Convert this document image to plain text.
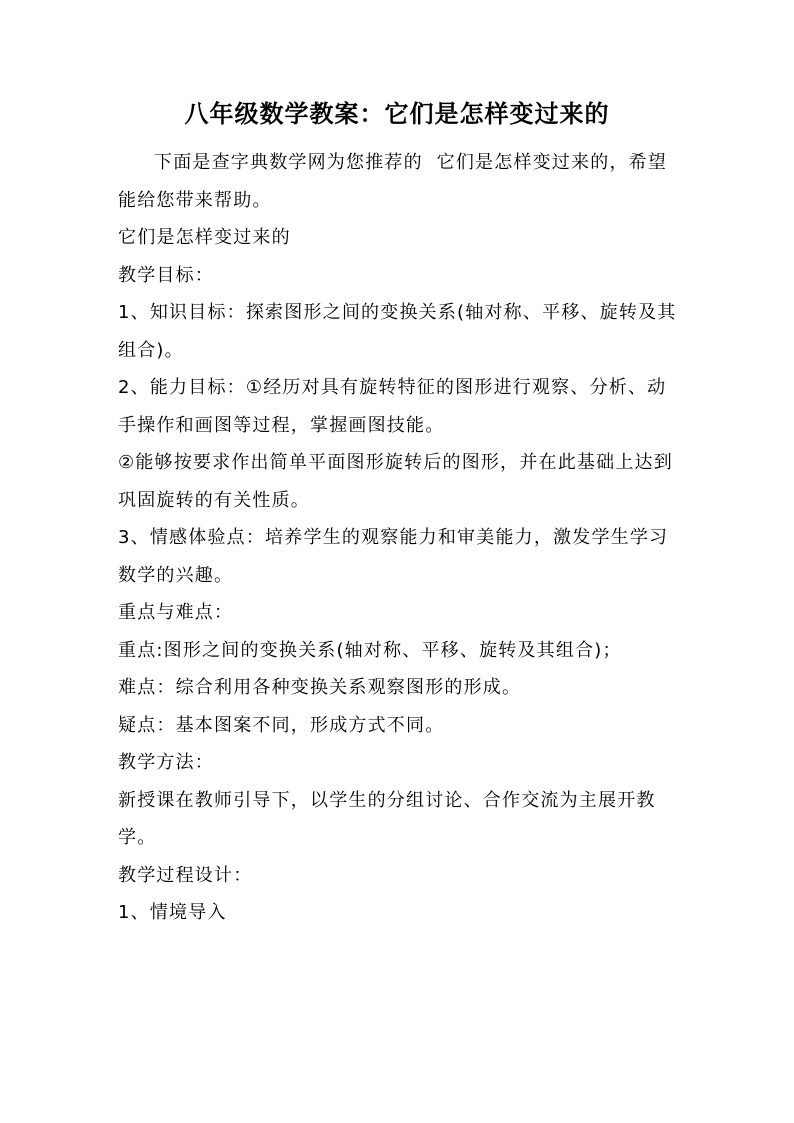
八年级数学教案：它们是怎样变过来的

下面是查字典数学网为您推荐的  它们是怎样变过来的，希望能给您带来帮助。

它们是怎样变过来的

教学目标：

1、知识目标：探索图形之间的变换关系(轴对称、平移、旋转及其组合)。

2、能力目标：①经历对具有旋转特征的图形进行观察、分析、动手操作和画图等过程，掌握画图技能。

②能够按要求作出简单平面图形旋转后的图形，并在此基础上达到巩固旋转的有关性质。

3、情感体验点：培养学生的观察能力和审美能力，激发学生学习数学的兴趣。

重点与难点：

重点:图形之间的变换关系(轴对称、平移、旋转及其组合)；

难点：综合利用各种变换关系观察图形的形成。

疑点：基本图案不同，形成方式不同。

教学方法：

新授课在教师引导下，以学生的分组讨论、合作交流为主展开教学。

教学过程设计：

1、情境导入
